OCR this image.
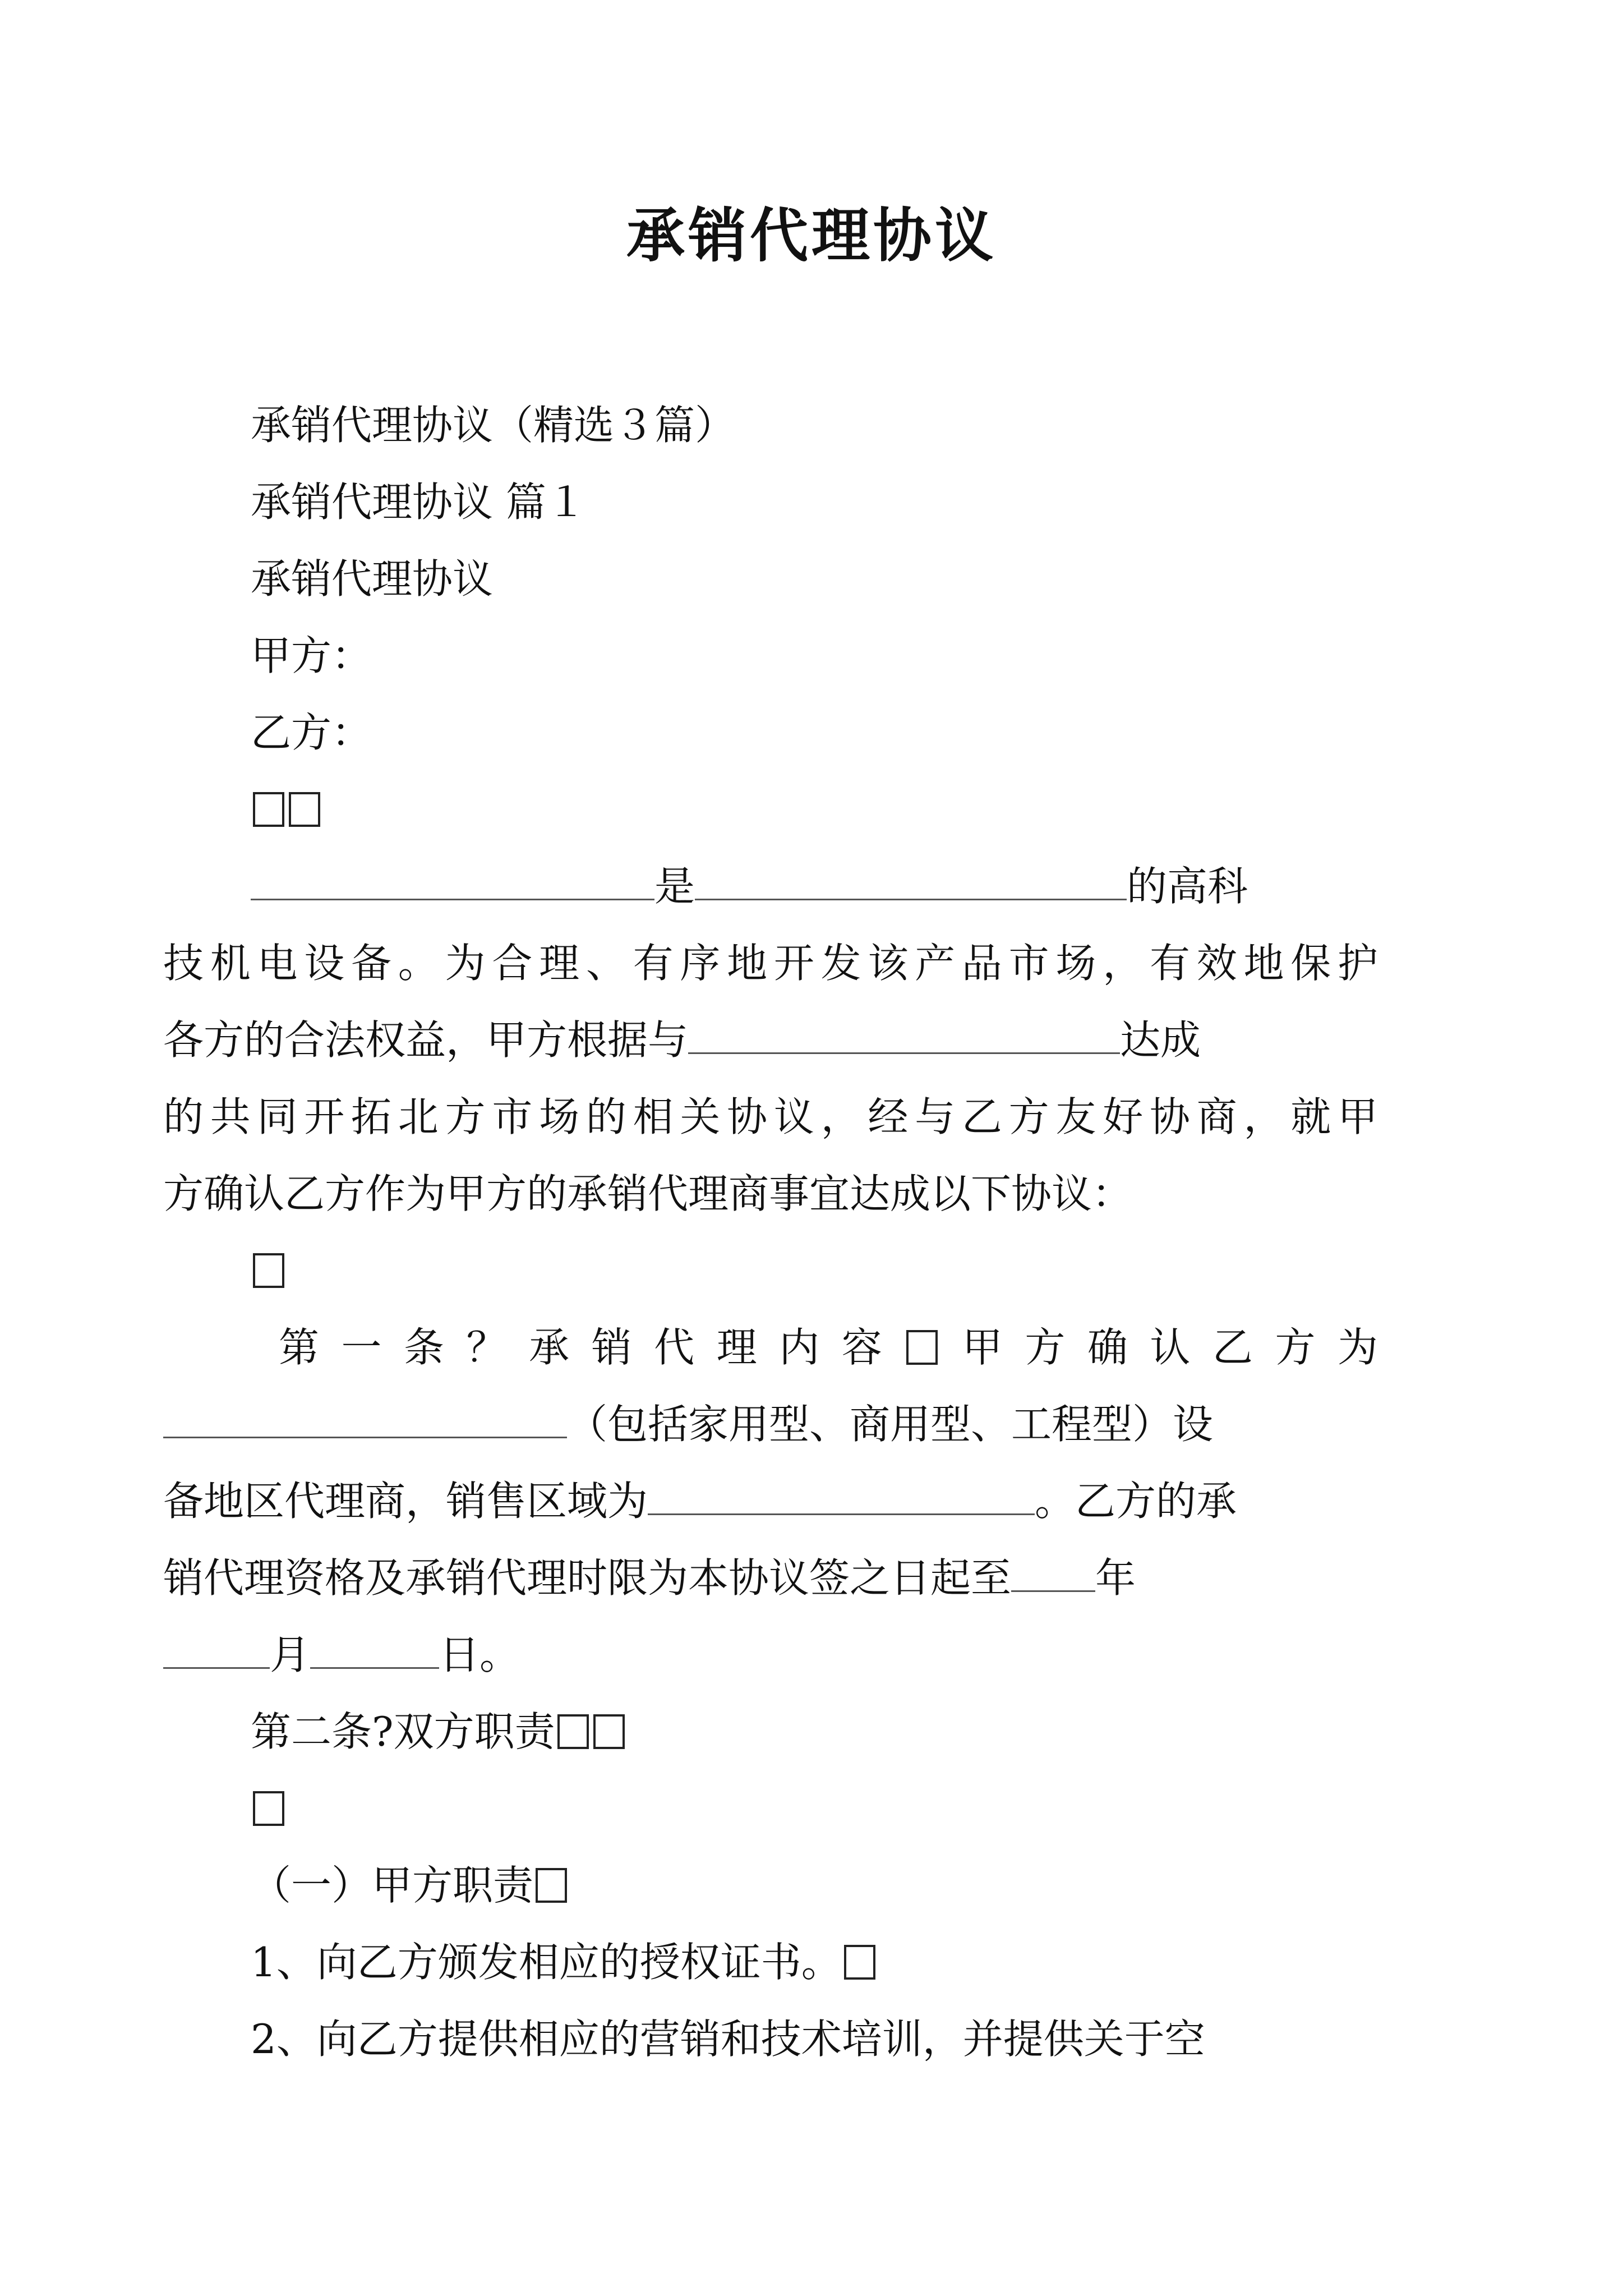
承销代理协议
承销代理协议（精选３篇）
承销代理协议 篇１
承销代理协议
甲方：
乙方：
是	的高科
技机电设备。为合理、有序地开发该产品市场，有效地保护
各方的合法权益，甲方根据与	达成
的共同开拓北方市场的相关协议，经与乙方友好协商，就甲
方确认乙方作为甲方的承销代理商事宜达成以下协议：
第一条？承销代理内容 甲方确认乙方为
（包括家用型、商用型、工程型）设
备地区代理商，销售区域为	。乙方的承
销代理资格及承销代理时限为本协议签之日起至 年
月	日。
第二条?双方职责
（一）甲方职责
1、向乙方颁发相应的授权证书。
2、向乙方提供相应的营销和技术培训，并提供关于空
